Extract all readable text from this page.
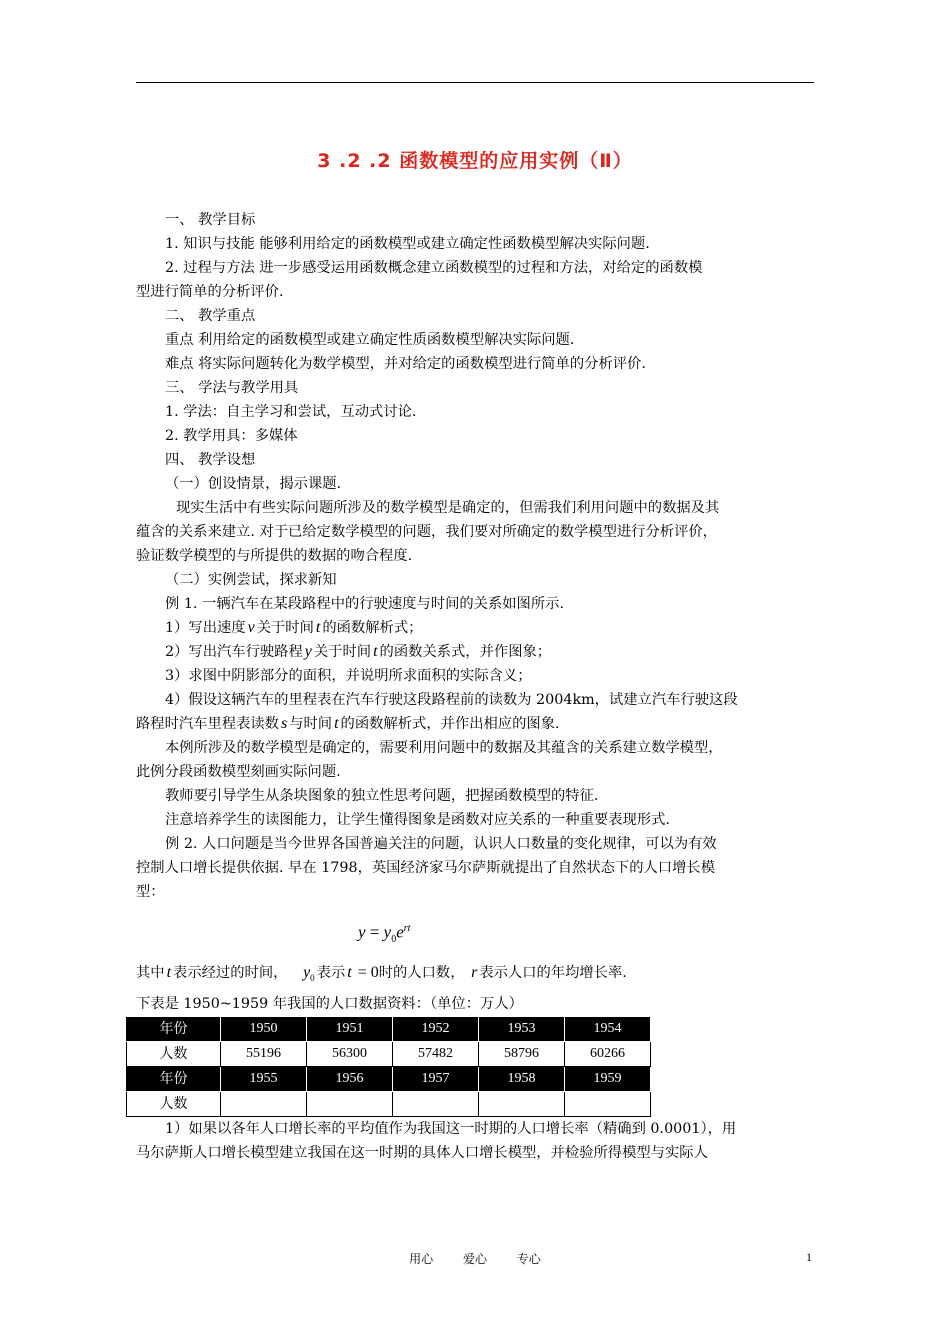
3 .2 .2 函数模型的应用实例（Ⅱ）

一、 教学目标

1. 知识与技能 能够利用给定的函数模型或建立确定性函数模型解决实际问题.

2. 过程与方法 进一步感受运用函数概念建立函数模型的过程和方法，对给定的函数模

型进行简单的分析评价.

二、 教学重点

重点 利用给定的函数模型或建立确定性质函数模型解决实际问题.

难点 将实际问题转化为数学模型，并对给定的函数模型进行简单的分析评价.

三、 学法与教学用具

1. 学法：自主学习和尝试，互动式讨论.

2. 教学用具：多媒体

四、 教学设想

（一）创设情景，揭示课题.

现实生活中有些实际问题所涉及的数学模型是确定的，但需我们利用问题中的数据及其

蕴含的关系来建立. 对于已给定数学模型的问题，我们要对所确定的数学模型进行分析评价，

验证数学模型的与所提供的数据的吻合程度.

（二）实例尝试，探求新知

例 1. 一辆汽车在某段路程中的行驶速度与时间的关系如图所示.

1）写出速度 v 关于时间 t 的函数解析式；

2）写出汽车行驶路程 y 关于时间 t 的函数关系式，并作图象；

3）求图中阴影部分的面积，并说明所求面积的实际含义；

4）假设这辆汽车的里程表在汽车行驶这段路程前的读数为 2004km，试建立汽车行驶这段

路程时汽车里程表读数 s 与时间 t 的函数解析式，并作出相应的图象.

本例所涉及的数学模型是确定的，需要利用问题中的数据及其蕴含的关系建立数学模型，

此例分段函数模型刻画实际问题.

教师要引导学生从条块图象的独立性思考问题，把握函数模型的特征.

注意培养学生的读图能力，让学生懂得图象是函数对应关系的一种重要表现形式.

例 2. 人口问题是当今世界各国普遍关注的问题，认识人口数量的变化规律，可以为有效

控制人口增长提供依据. 早在 1798，英国经济家马尔萨斯就提出了自然状态下的人口增长模

型：

$y = y_0e^{rt}$

其中 t 表示经过的时间， $y_0$ 表示 t = 0时的人口数， r 表示人口的年均增长率.

下表是 1950~1959 年我国的人口数据资料：（单位：万人）

年份	1950	1951	1952	1953	1954
人数	55196	56300	57482	58796	60266
年份	1955	1956	1957	1958	1959
人数					

1）如果以各年人口增长率的平均值作为我国这一时期的人口增长率（精确到 0.0001），用

马尔萨斯人口增长模型建立我国在这一时期的具体人口增长模型，并检验所得模型与实际人

用心 爱心 专心	1
